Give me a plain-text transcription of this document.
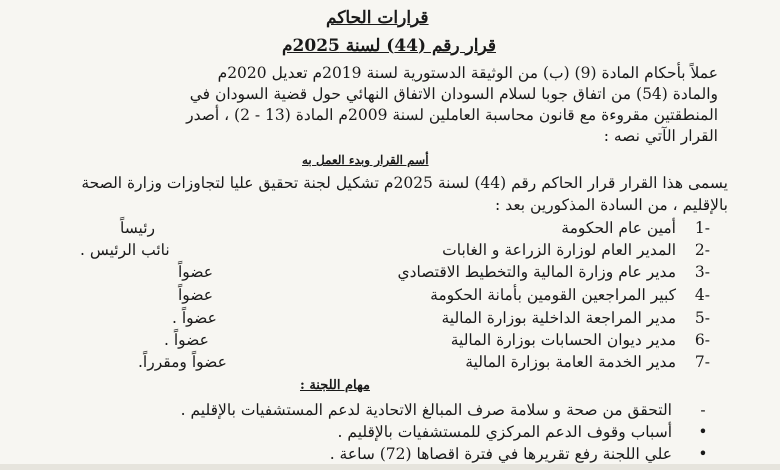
قرارات الحاكم
قرار رقم (44) لسنة 2025م
عملاً بأحكام المادة (9) (ب) من الوثيقة الدستورية لسنة 2019م تعديل 2020م
والمادة (54) من اتفاق جوبا لسلام السودان الاتفاق النهائي حول قضية السودان في
المنطقتين مقروءة مع قانون محاسبة العاملين لسنة 2009م المادة (13 - 2) ، أصدر
القرار الآتي نصه :
أسم القرار وبدء العمل به
يسمى هذا القرار قرار الحاكم رقم (44) لسنة 2025م تشكيل لجنة تحقيق عليا لتجاوزات وزارة الصحة
بالإقليم ، من السادة المذكورين بعد :
1-
أمين عام الحكومة
رئيساً
2-
المدير العام لوزارة الزراعة و الغابات
نائب الرئيس .
3-
مدير عام وزارة المالية والتخطيط الاقتصادي
عضواً
4-
كبير المراجعين القومين بأمانة الحكومة
عضواً
5-
مدير المراجعة الداخلية بوزارة المالية
عضواً .
6-
مدير ديوان الحسابات بوزارة المالية
عضواً .
7-
مدير الخدمة العامة بوزارة المالية
عضواً ومقرراً.
مهام اللجنة :
-التحقق من صحة و سلامة صرف المبالغ الاتحادية لدعم المستشفيات بالإقليم .
•أسباب وقوف الدعم المركزي للمستشفيات بالإقليم .
•علي اللجنة رفع تقريرها في فترة اقصاها (72) ساعة .
